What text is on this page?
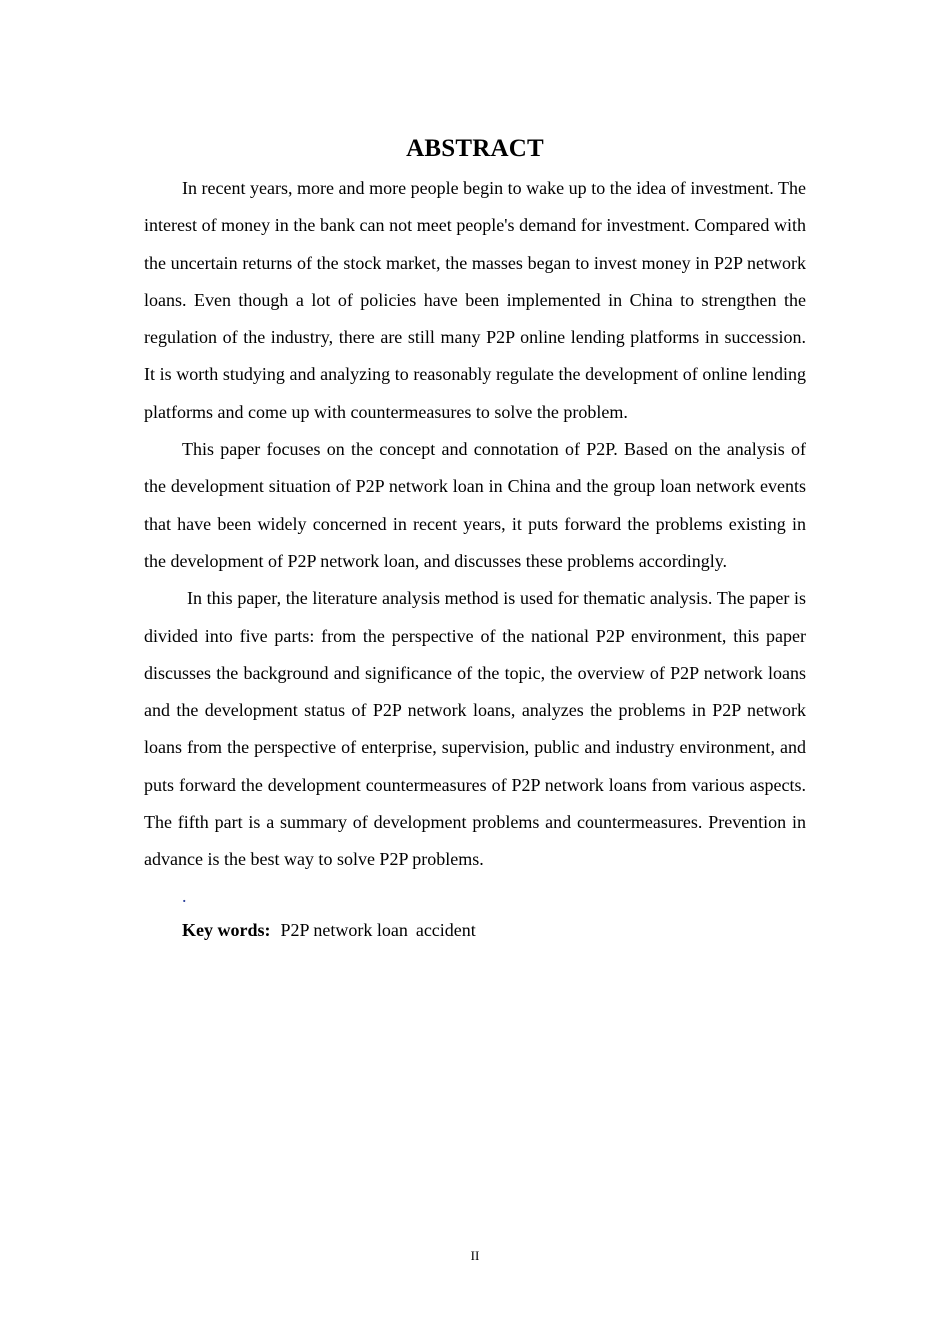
ABSTRACT

In recent years, more and more people begin to wake up to the idea of investment. The interest of money in the bank can not meet people's demand for investment. Compared with the uncertain returns of the stock market, the masses began to invest money in P2P network loans. Even though a lot of policies have been implemented in China to strengthen the regulation of the industry, there are still many P2P online lending platforms in succession. It is worth studying and analyzing to reasonably regulate the development of online lending platforms and come up with countermeasures to solve the problem.

This paper focuses on the concept and connotation of P2P. Based on the analysis of the development situation of P2P network loan in China and the group loan network events that have been widely concerned in recent years, it puts forward the problems existing in the development of P2P network loan, and discusses these problems accordingly.

In this paper, the literature analysis method is used for thematic analysis. The paper is divided into five parts: from the perspective of the national P2P environment, this paper discusses the background and significance of the topic, the overview of P2P network loans and the development status of P2P network loans, analyzes the problems in P2P network loans from the perspective of enterprise, supervision, public and industry environment, and puts forward the development countermeasures of P2P network loans from various aspects. The fifth part is a summary of development problems and countermeasures. Prevention in advance is the best way to solve P2P problems.

.
Key words: P2P network loan accident
II
